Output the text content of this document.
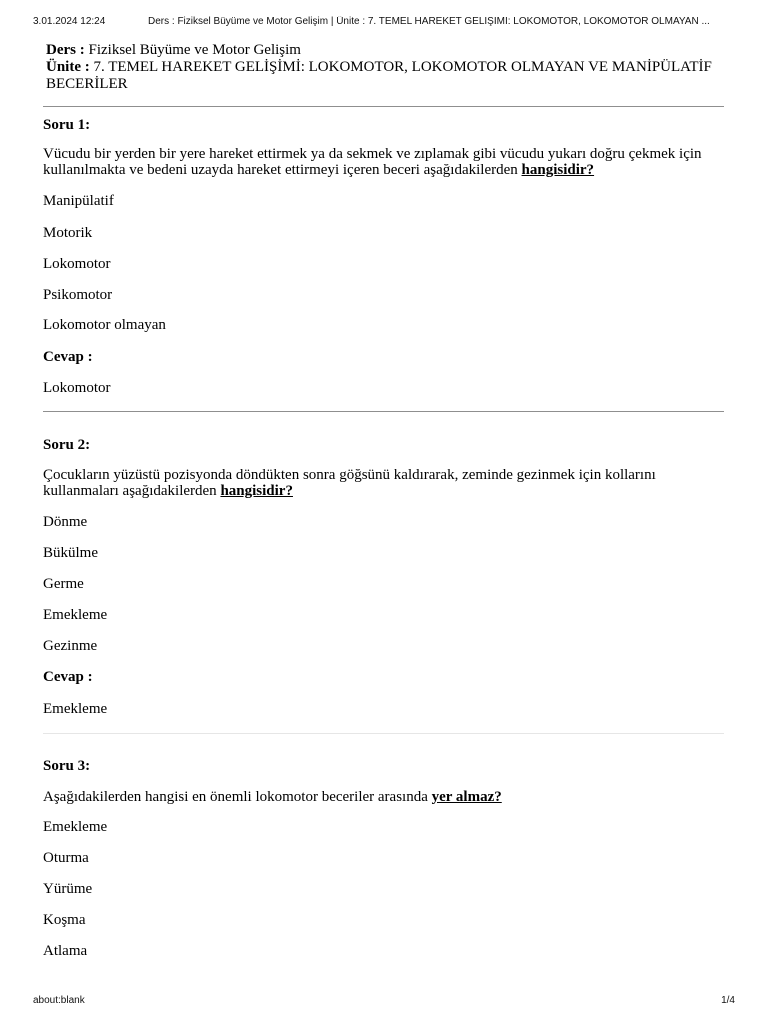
3.01.2024 12:24	Ders : Fiziksel Büyüme ve Motor Gelişim | Ünite : 7. TEMEL HAREKET GELİŞİMİ: LOKOMOTOR, LOKOMOTOR OLMAYAN ...

Ders : Fiziksel Büyüme ve Motor Gelişim

Ünite : 7. TEMEL HAREKET GELİŞİMİ: LOKOMOTOR, LOKOMOTOR OLMAYAN VE MANİPÜLATİF BECERİLER

Soru 1:

Vücudu bir yerden bir yere hareket ettirmek ya da sekmek ve zıplamak gibi vücudu yukarı doğru çekmek için kullanılmakta ve bedeni uzayda hareket ettirmeyi içeren beceri aşağıdakilerden hangisidir?

Manipülatif

Motorik

Lokomotor

Psikomotor

Lokomotor olmayan

Cevap :

Lokomotor

Soru 2:

Çocukların yüzüstü pozisyonda döndükten sonra göğsünü kaldırarak, zeminde gezinmek için kollarını kullanmaları aşağıdakilerden hangisidir?

Dönme

Bükülme

Germe

Emekleme

Gezinme

Cevap :

Emekleme

Soru 3:

Aşağıdakilerden hangisi en önemli lokomotor beceriler arasında yer almaz?

Emekleme

Oturma

Yürüme

Koşma

Atlama

about:blank	1/4
